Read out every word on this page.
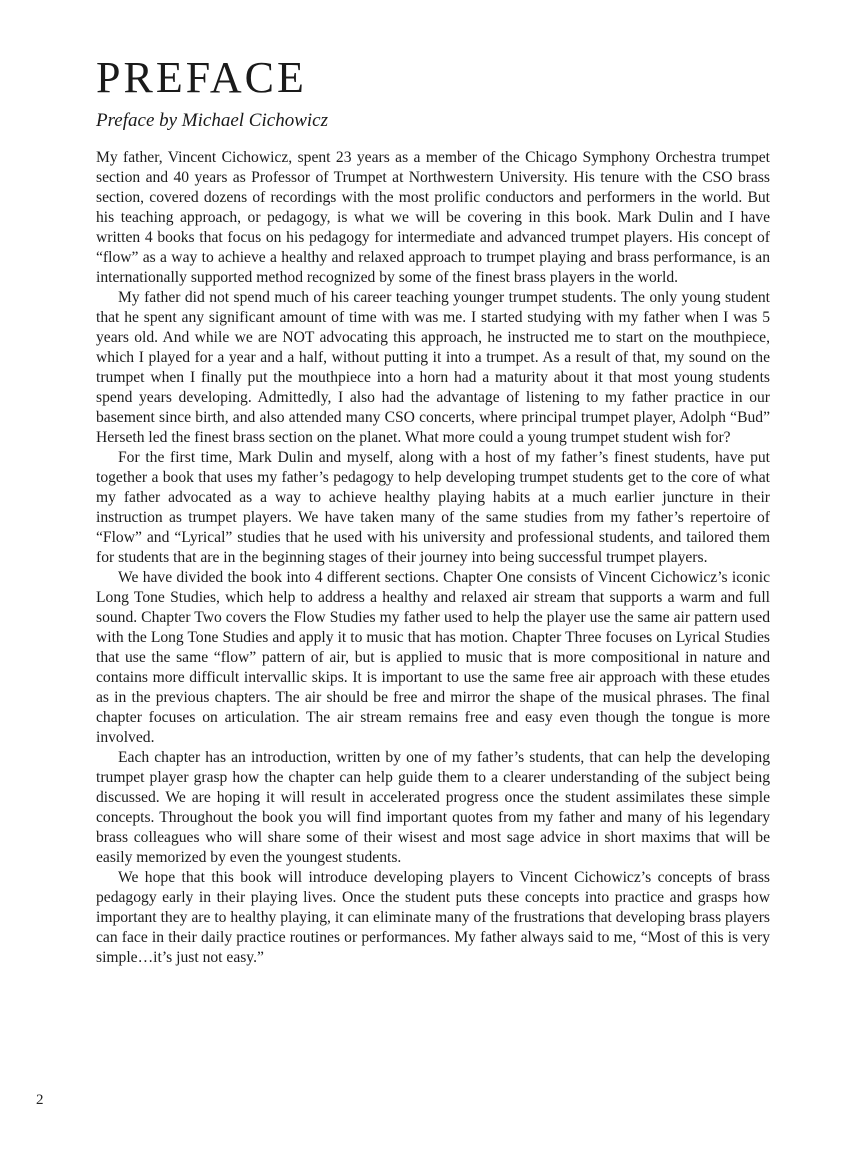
PREFACE
Preface by Michael Cichowicz

My father, Vincent Cichowicz, spent 23 years as a member of the Chicago Symphony Orchestra trumpet section and 40 years as Professor of Trumpet at Northwestern University. His tenure with the CSO brass section, covered dozens of recordings with the most prolific conductors and performers in the world. But his teaching approach, or pedagogy, is what we will be covering in this book. Mark Dulin and I have written 4 books that focus on his pedagogy for intermediate and advanced trumpet players. His concept of “flow” as a way to achieve a healthy and relaxed approach to trumpet playing and brass performance, is an internationally supported method recognized by some of the finest brass players in the world.

My father did not spend much of his career teaching younger trumpet students. The only young student that he spent any significant amount of time with was me. I started studying with my father when I was 5 years old. And while we are NOT advocating this approach, he instructed me to start on the mouthpiece, which I played for a year and a half, without putting it into a trumpet. As a result of that, my sound on the trumpet when I finally put the mouthpiece into a horn had a maturity about it that most young students spend years developing. Admittedly, I also had the advantage of listening to my father practice in our basement since birth, and also attended many CSO concerts, where principal trumpet player, Adolph “Bud” Herseth led the finest brass section on the planet. What more could a young trumpet student wish for?

For the first time, Mark Dulin and myself, along with a host of my father’s finest students, have put together a book that uses my father’s pedagogy to help developing trumpet students get to the core of what my father advocated as a way to achieve healthy playing habits at a much earlier juncture in their instruction as trumpet players. We have taken many of the same studies from my father’s repertoire of “Flow” and “Lyrical” studies that he used with his university and professional students, and tailored them for students that are in the beginning stages of their journey into being successful trumpet players.

We have divided the book into 4 different sections. Chapter One consists of Vincent Cichowicz’s iconic Long Tone Studies, which help to address a healthy and relaxed air stream that supports a warm and full sound. Chapter Two covers the Flow Studies my father used to help the player use the same air pattern used with the Long Tone Studies and apply it to music that has motion. Chapter Three focuses on Lyrical Studies that use the same “flow” pattern of air, but is applied to music that is more compositional in nature and contains more difficult intervallic skips. It is important to use the same free air approach with these etudes as in the previous chapters. The air should be free and mirror the shape of the musical phrases. The final chapter focuses on articulation. The air stream remains free and easy even though the tongue is more involved.

Each chapter has an introduction, written by one of my father’s students, that can help the developing trumpet player grasp how the chapter can help guide them to a clearer understanding of the subject being discussed. We are hoping it will result in accelerated progress once the student assimilates these simple concepts. Throughout the book you will find important quotes from my father and many of his legendary brass colleagues who will share some of their wisest and most sage advice in short maxims that will be easily memorized by even the youngest students.

We hope that this book will introduce developing players to Vincent Cichowicz’s concepts of brass pedagogy early in their playing lives. Once the student puts these concepts into practice and grasps how important they are to healthy playing, it can eliminate many of the frustrations that developing brass players can face in their daily practice routines or performances. My father always said to me, “Most of this is very simple…it’s just not easy.”

2
